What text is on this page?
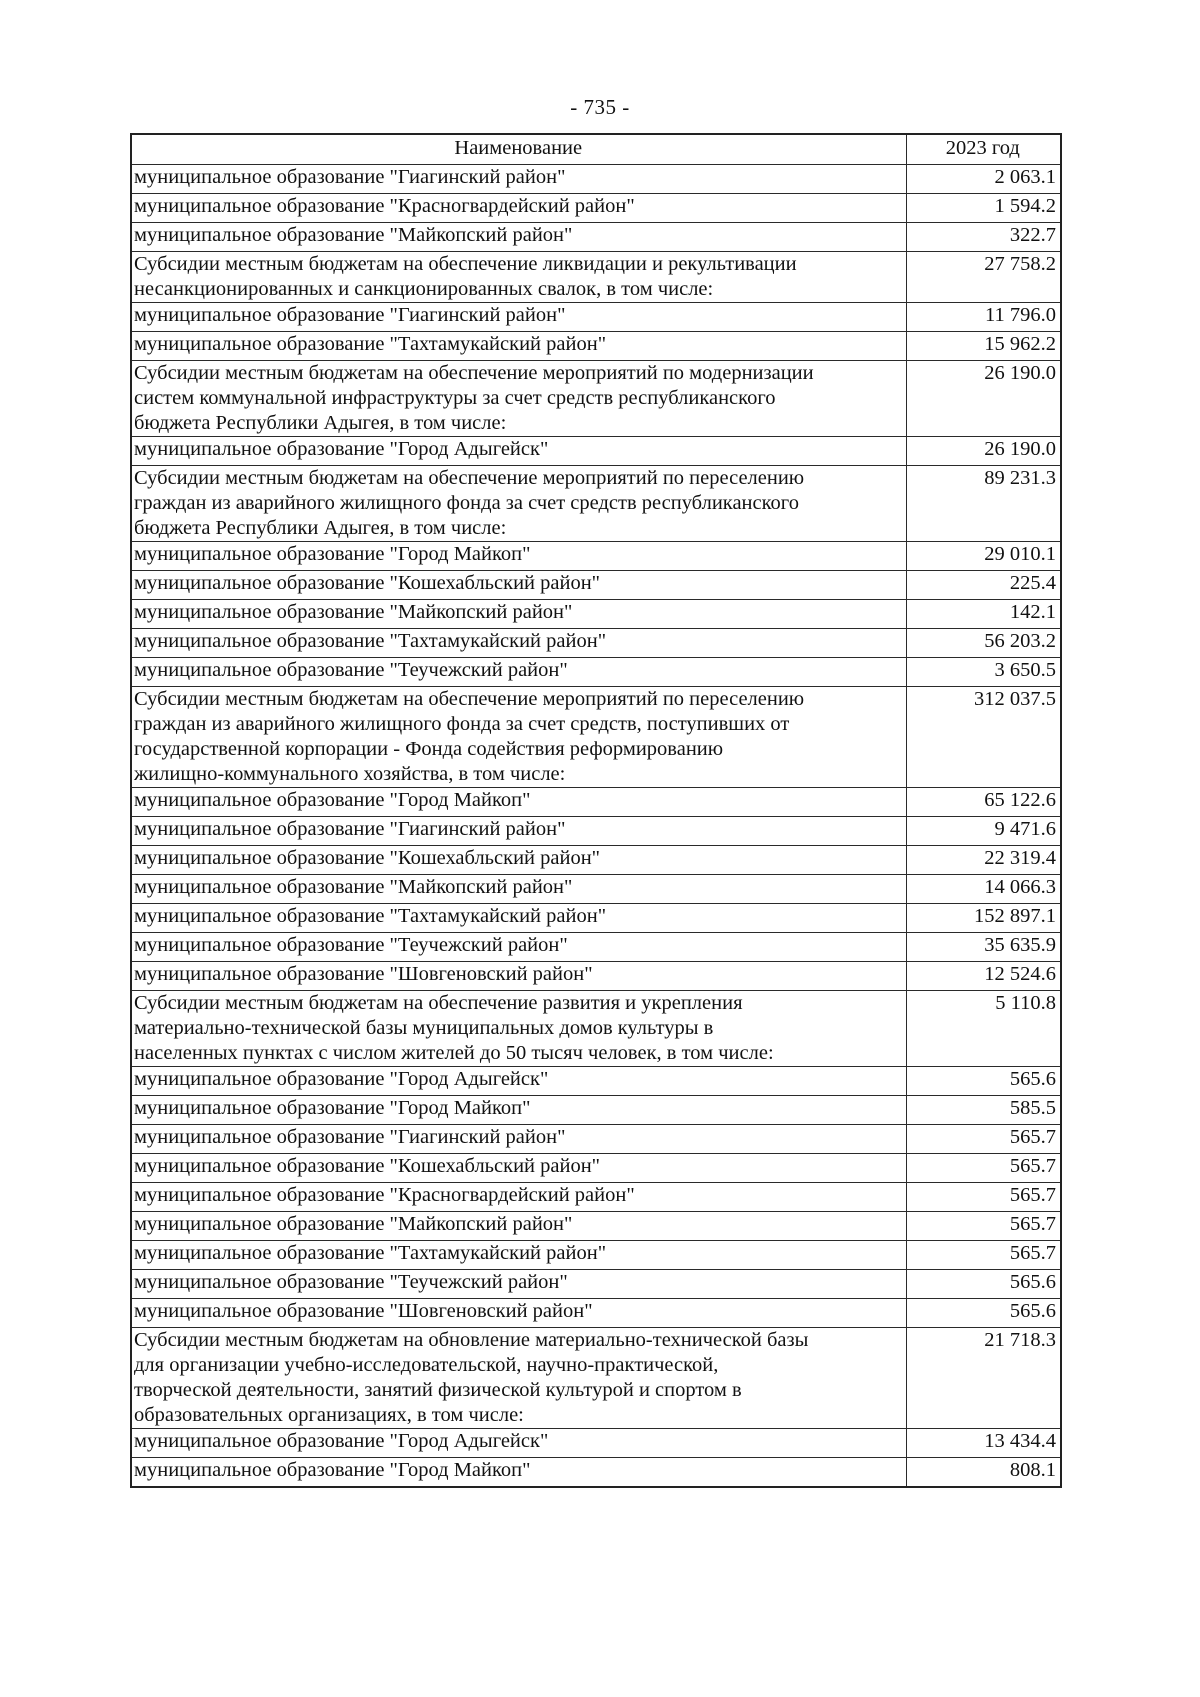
- 735 -
Наименование	2023 год
муниципальное образование "Гиагинский район"	2 063.1
муниципальное образование "Красногвардейский район"	1 594.2
муниципальное образование "Майкопский район"	322.7
Субсидии местным бюджетам на обеспечение ликвидации и рекультивации
несанкционированных и санкционированных свалок, в том числе:	27 758.2
муниципальное образование "Гиагинский район"	11 796.0
муниципальное образование "Тахтамукайский район"	15 962.2
Субсидии местным бюджетам на обеспечение мероприятий по модернизации
систем коммунальной инфраструктуры за счет средств республиканского
бюджета Республики Адыгея, в том числе:	26 190.0
муниципальное образование "Город Адыгейск"	26 190.0
Субсидии местным бюджетам на обеспечение мероприятий по переселению
граждан из аварийного жилищного фонда за счет средств республиканского
бюджета Республики Адыгея, в том числе:	89 231.3
муниципальное образование "Город Майкоп"	29 010.1
муниципальное образование "Кошехабльский район"	225.4
муниципальное образование "Майкопский район"	142.1
муниципальное образование "Тахтамукайский район"	56 203.2
муниципальное образование "Теучежский район"	3 650.5
Субсидии местным бюджетам на обеспечение мероприятий по переселению
граждан из аварийного жилищного фонда за счет средств, поступивших от
государственной корпорации - Фонда содействия реформированию
жилищно-коммунального хозяйства, в том числе:	312 037.5
муниципальное образование "Город Майкоп"	65 122.6
муниципальное образование "Гиагинский район"	9 471.6
муниципальное образование "Кошехабльский район"	22 319.4
муниципальное образование "Майкопский район"	14 066.3
муниципальное образование "Тахтамукайский район"	152 897.1
муниципальное образование "Теучежский район"	35 635.9
муниципальное образование "Шовгеновский район"	12 524.6
Субсидии местным бюджетам на обеспечение развития и укрепления
материально-технической базы муниципальных домов культуры в
населенных пунктах с числом жителей до 50 тысяч человек, в том числе:	5 110.8
муниципальное образование "Город Адыгейск"	565.6
муниципальное образование "Город Майкоп"	585.5
муниципальное образование "Гиагинский район"	565.7
муниципальное образование "Кошехабльский район"	565.7
муниципальное образование "Красногвардейский район"	565.7
муниципальное образование "Майкопский район"	565.7
муниципальное образование "Тахтамукайский район"	565.7
муниципальное образование "Теучежский район"	565.6
муниципальное образование "Шовгеновский район"	565.6
Субсидии местным бюджетам на обновление материально-технической базы
для организации учебно-исследовательской, научно-практической,
творческой деятельности, занятий физической культурой и спортом в
образовательных организациях, в том числе:	21 718.3
муниципальное образование "Город Адыгейск"	13 434.4
муниципальное образование "Город Майкоп"	808.1
